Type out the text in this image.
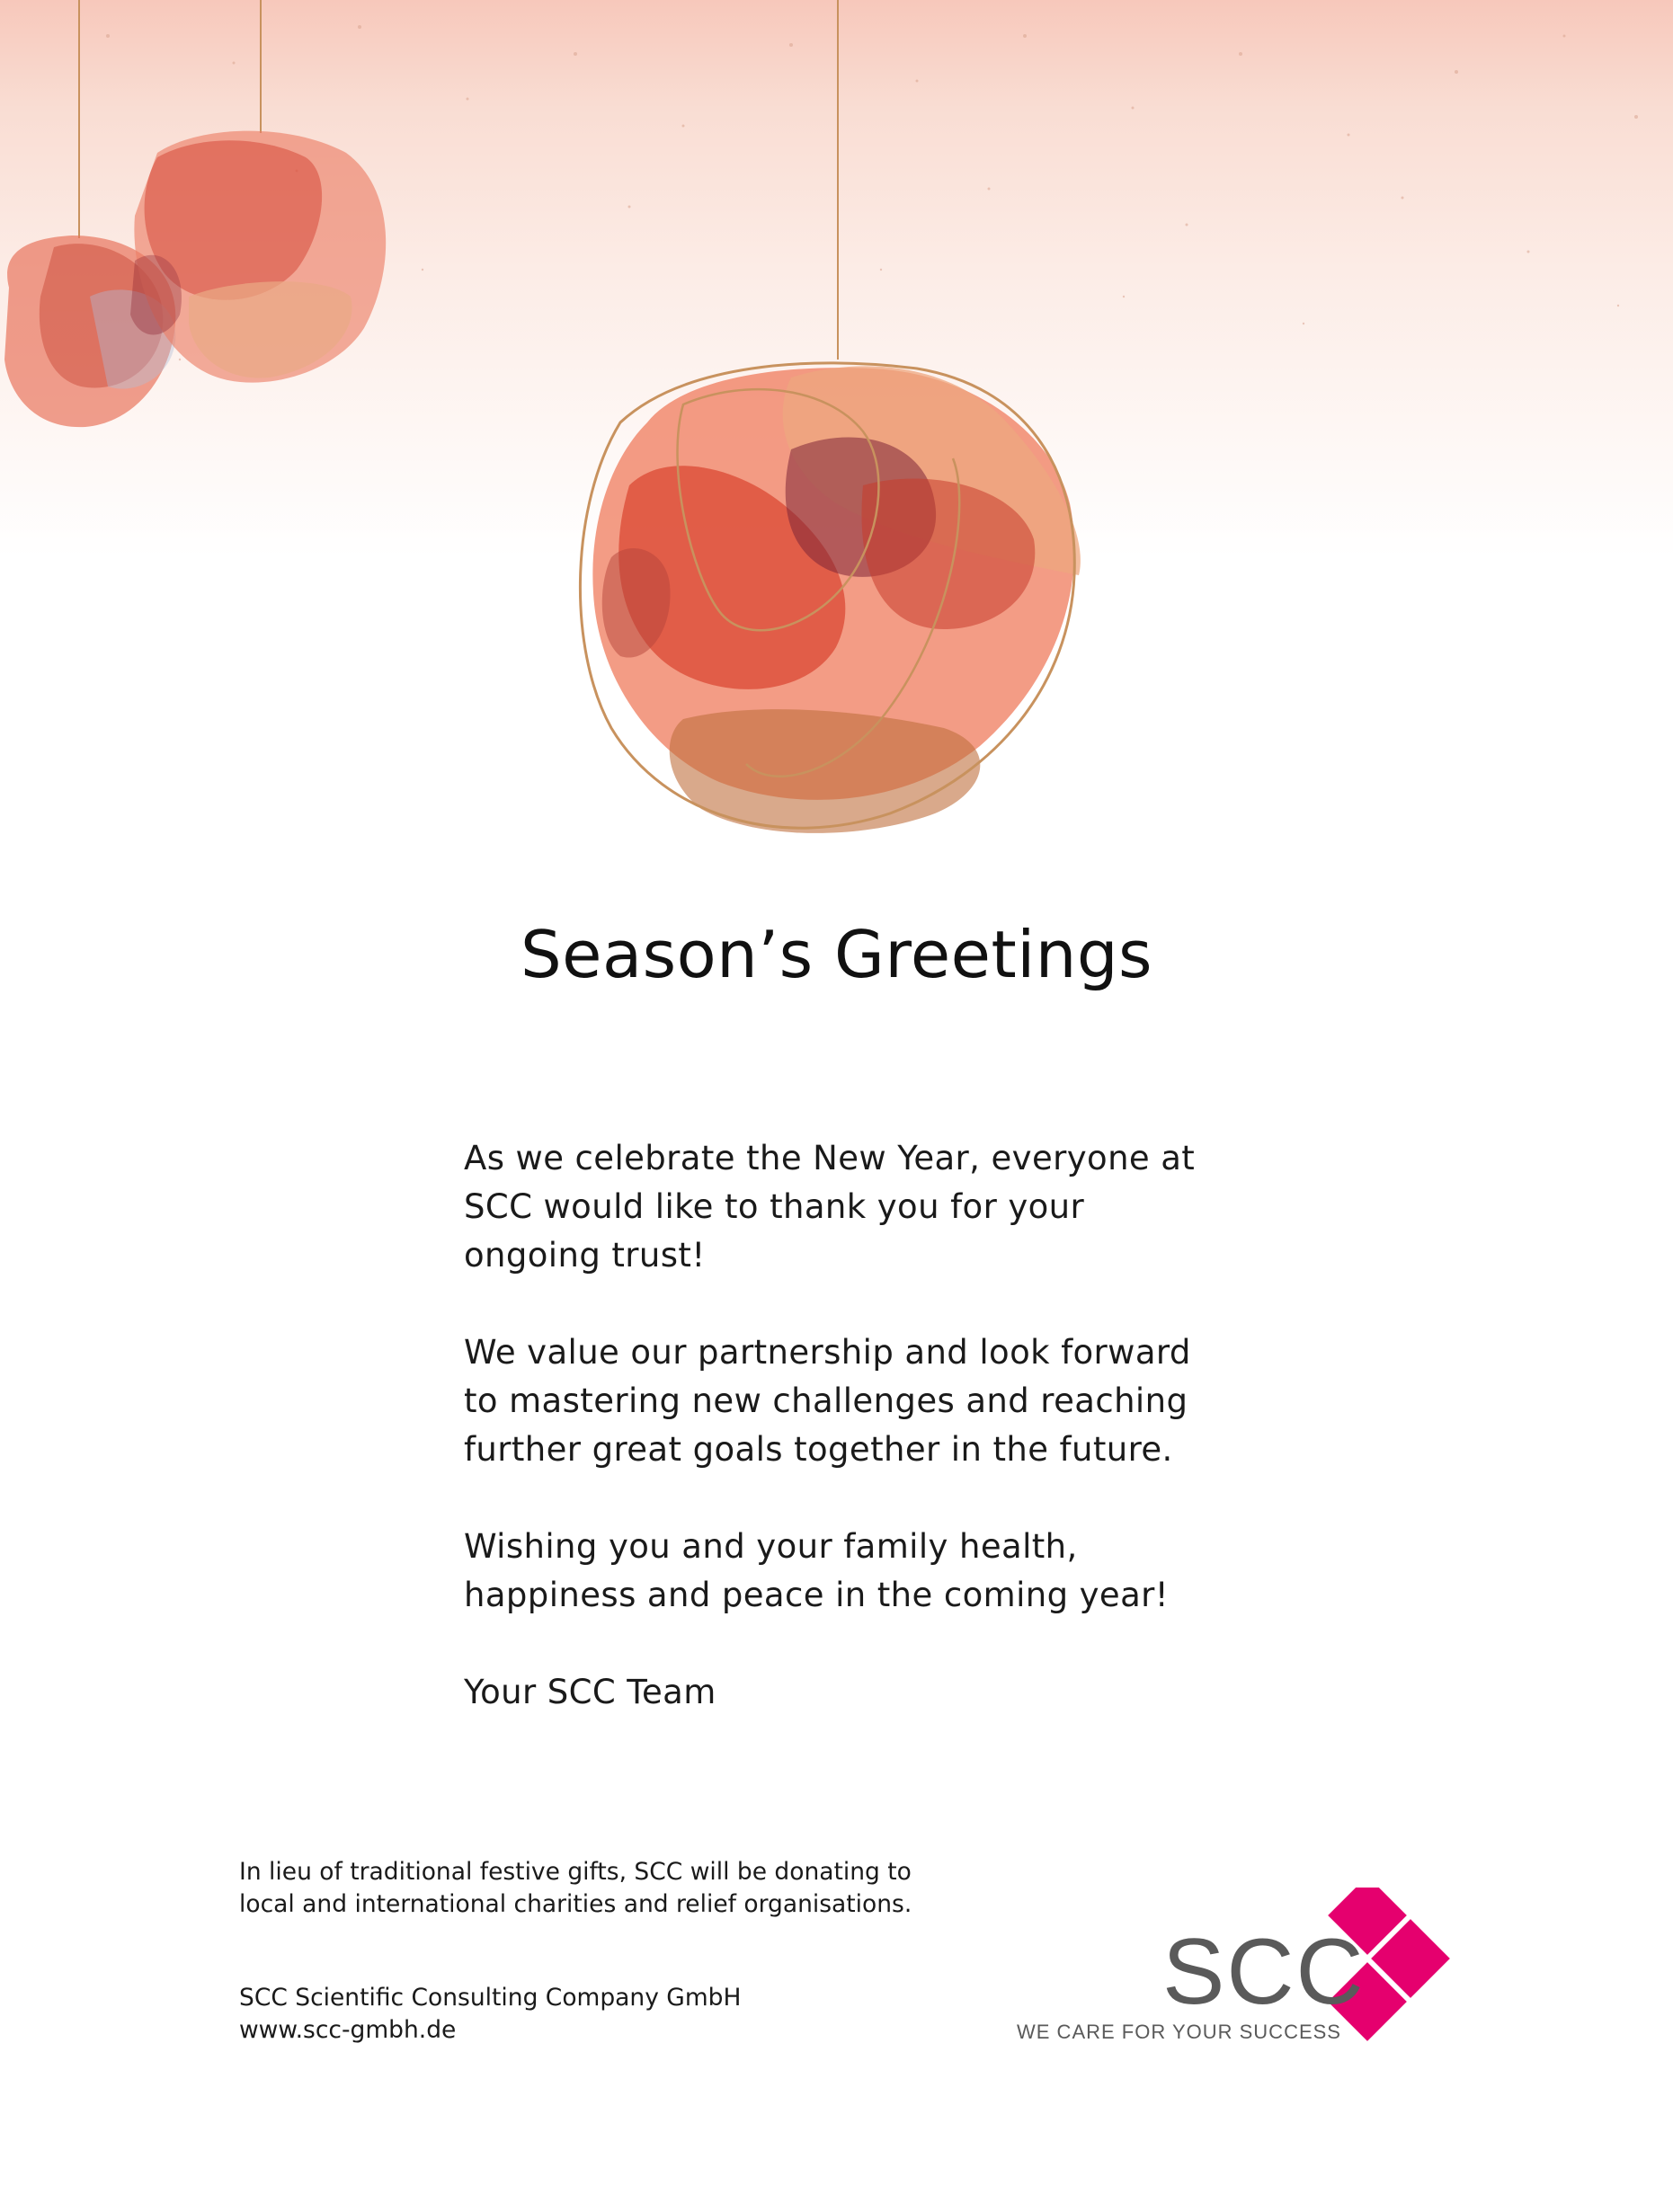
Season’s Greetings

As we celebrate the New Year, everyone at SCC would like to thank you for your ongoing trust!

We value our partnership and look forward to mastering new challenges and reaching further great goals together in the future.

Wishing you and your family health, happiness and peace in the coming year!

Your SCC Team

In lieu of traditional festive gifts, SCC will be donating to
local and international charities and relief organisations.
SCC Scientific Consulting Company GmbH
www.scc-gmbh.de
SCC
WE CARE FOR YOUR SUCCESS
